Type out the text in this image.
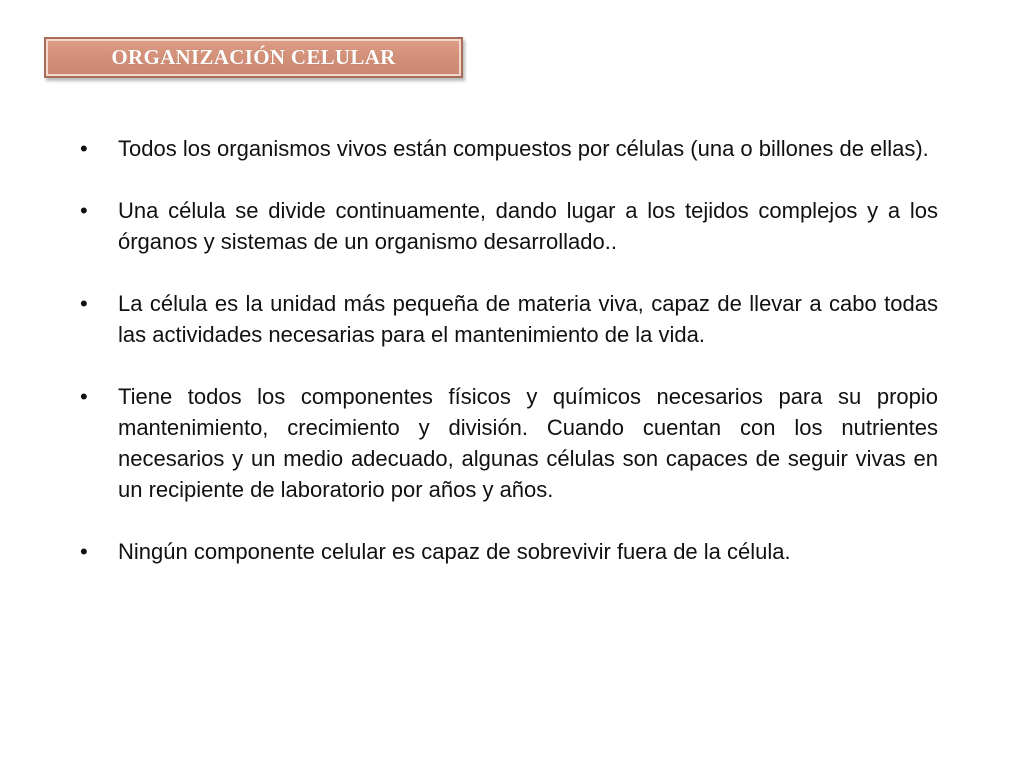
ORGANIZACIÓN CELULAR
• Todos los organismos vivos están compuestos por células (una o billones de ellas).
• Una célula se divide continuamente, dando lugar a los tejidos complejos y a los órganos y sistemas de un organismo desarrollado..
• La célula es la unidad más pequeña de materia viva, capaz de llevar a cabo todas las actividades necesarias para el mantenimiento de la vida.
• Tiene todos los componentes físicos y químicos necesarios para su propio mantenimiento, crecimiento y división. Cuando cuentan con los nutrientes necesarios y un medio adecuado, algunas células son capaces de seguir vivas en un recipiente de laboratorio por años y años.
• Ningún componente celular es capaz de sobrevivir fuera de la célula.
